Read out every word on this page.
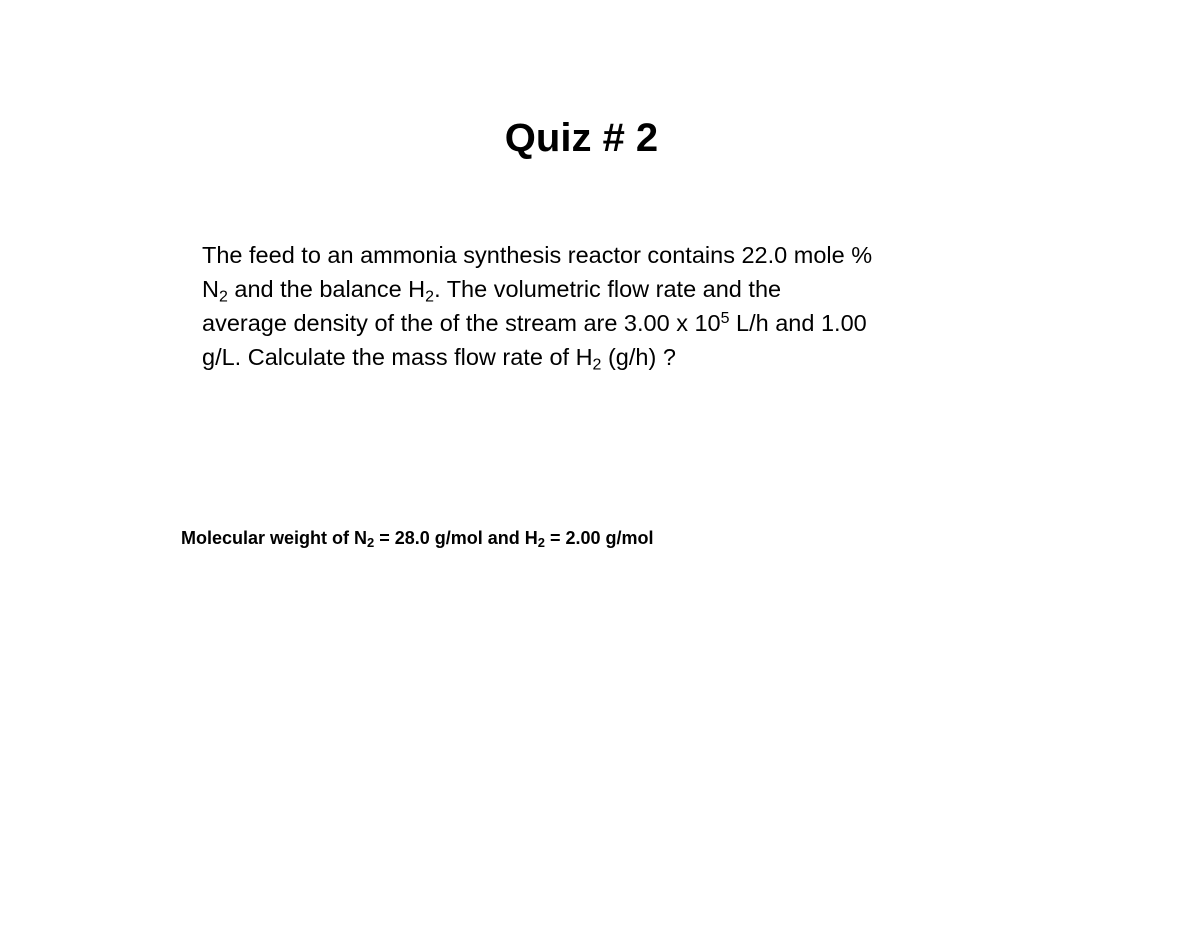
Quiz # 2
The feed to an ammonia synthesis reactor contains 22.0 mole %
$N_2$ and the balance $H_2$. The volumetric flow rate and the
average density of the of the stream are 3.00 x $10^5$ L/h and 1.00
g/L. Calculate the mass flow rate of $H_2$ (g/h) ?

Molecular weight of $N_2 = 28.0$ g/mol and $H_2 = 2.00$ g/mol
